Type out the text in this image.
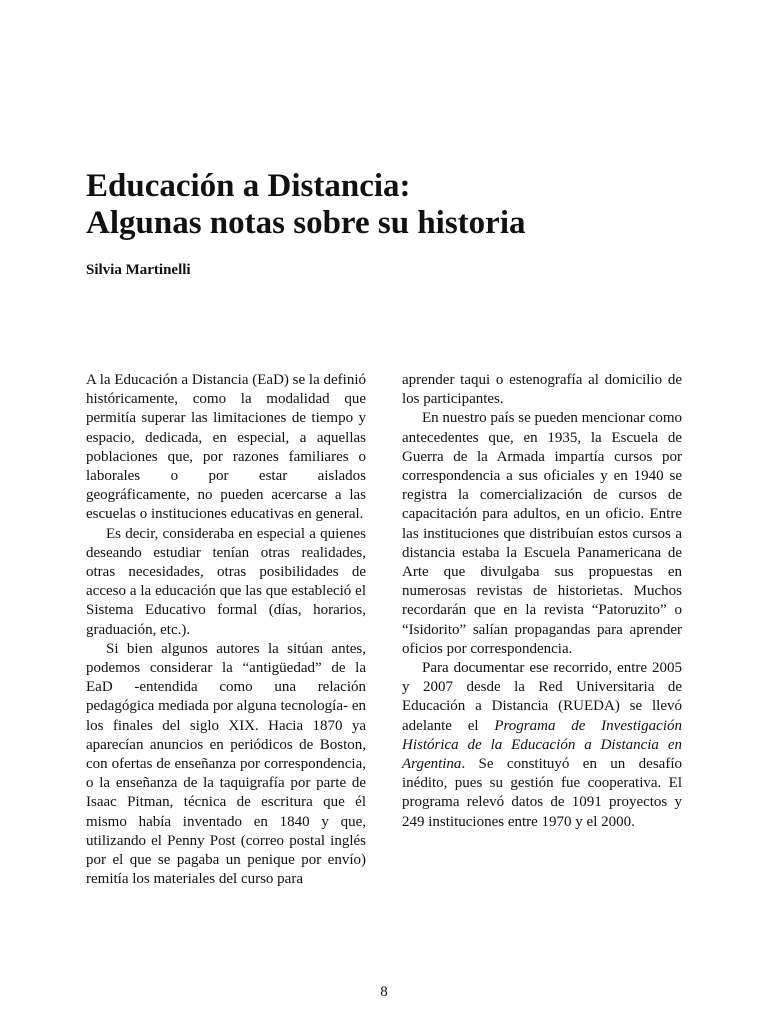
Educación a Distancia:
Algunas notas sobre su historia

Silvia Martinelli

A la Educación a Distancia (EaD) se la definió históricamente, como la modalidad que permitía superar las limitaciones de tiempo y espacio, dedicada, en especial, a aquellas poblaciones que, por razones familiares o laborales o por estar aislados geográficamente, no pueden acercarse a las escuelas o instituciones educativas en general.

Es decir, consideraba en especial a quienes deseando estudiar tenían otras realidades, otras necesidades, otras posibilidades de acceso a la educación que las que estableció el Sistema Educativo formal (días, horarios, graduación, etc.).

Si bien algunos autores la sitúan antes, podemos considerar la “antigüedad” de la EaD -entendida como una relación pedagógica mediada por alguna tecnología- en los finales del siglo XIX. Hacia 1870 ya aparecían anuncios en periódicos de Boston, con ofertas de enseñanza por correspondencia, o la enseñanza de la taquigrafía por parte de Isaac Pitman, técnica de escritura que él mismo había inventado en 1840 y que, utilizando el Penny Post (correo postal inglés por el que se pagaba un penique por envío) remitía los materiales del curso para

aprender taqui o estenografía al domicilio de los participantes.

En nuestro país se pueden mencionar como antecedentes que, en 1935, la Escuela de Guerra de la Armada impartía cursos por correspondencia a sus oficiales y en 1940 se registra la comercialización de cursos de capacitación para adultos, en un oficio. Entre las instituciones que distribuían estos cursos a distancia estaba la Escuela Panamericana de Arte que divulgaba sus propuestas en numerosas revistas de historietas. Muchos recordarán que en la revista “Patoruzito” o “Isidorito” salían propagandas para aprender oficios por correspondencia.

Para documentar ese recorrido, entre 2005 y 2007 desde la Red Universitaria de Educación a Distancia (RUEDA) se llevó adelante el Programa de Investigación Histórica de la Educación a Distancia en Argentina. Se constituyó en un desafío inédito, pues su gestión fue cooperativa. El programa relevó datos de 1091 proyectos y 249 instituciones entre 1970 y el 2000.

8
